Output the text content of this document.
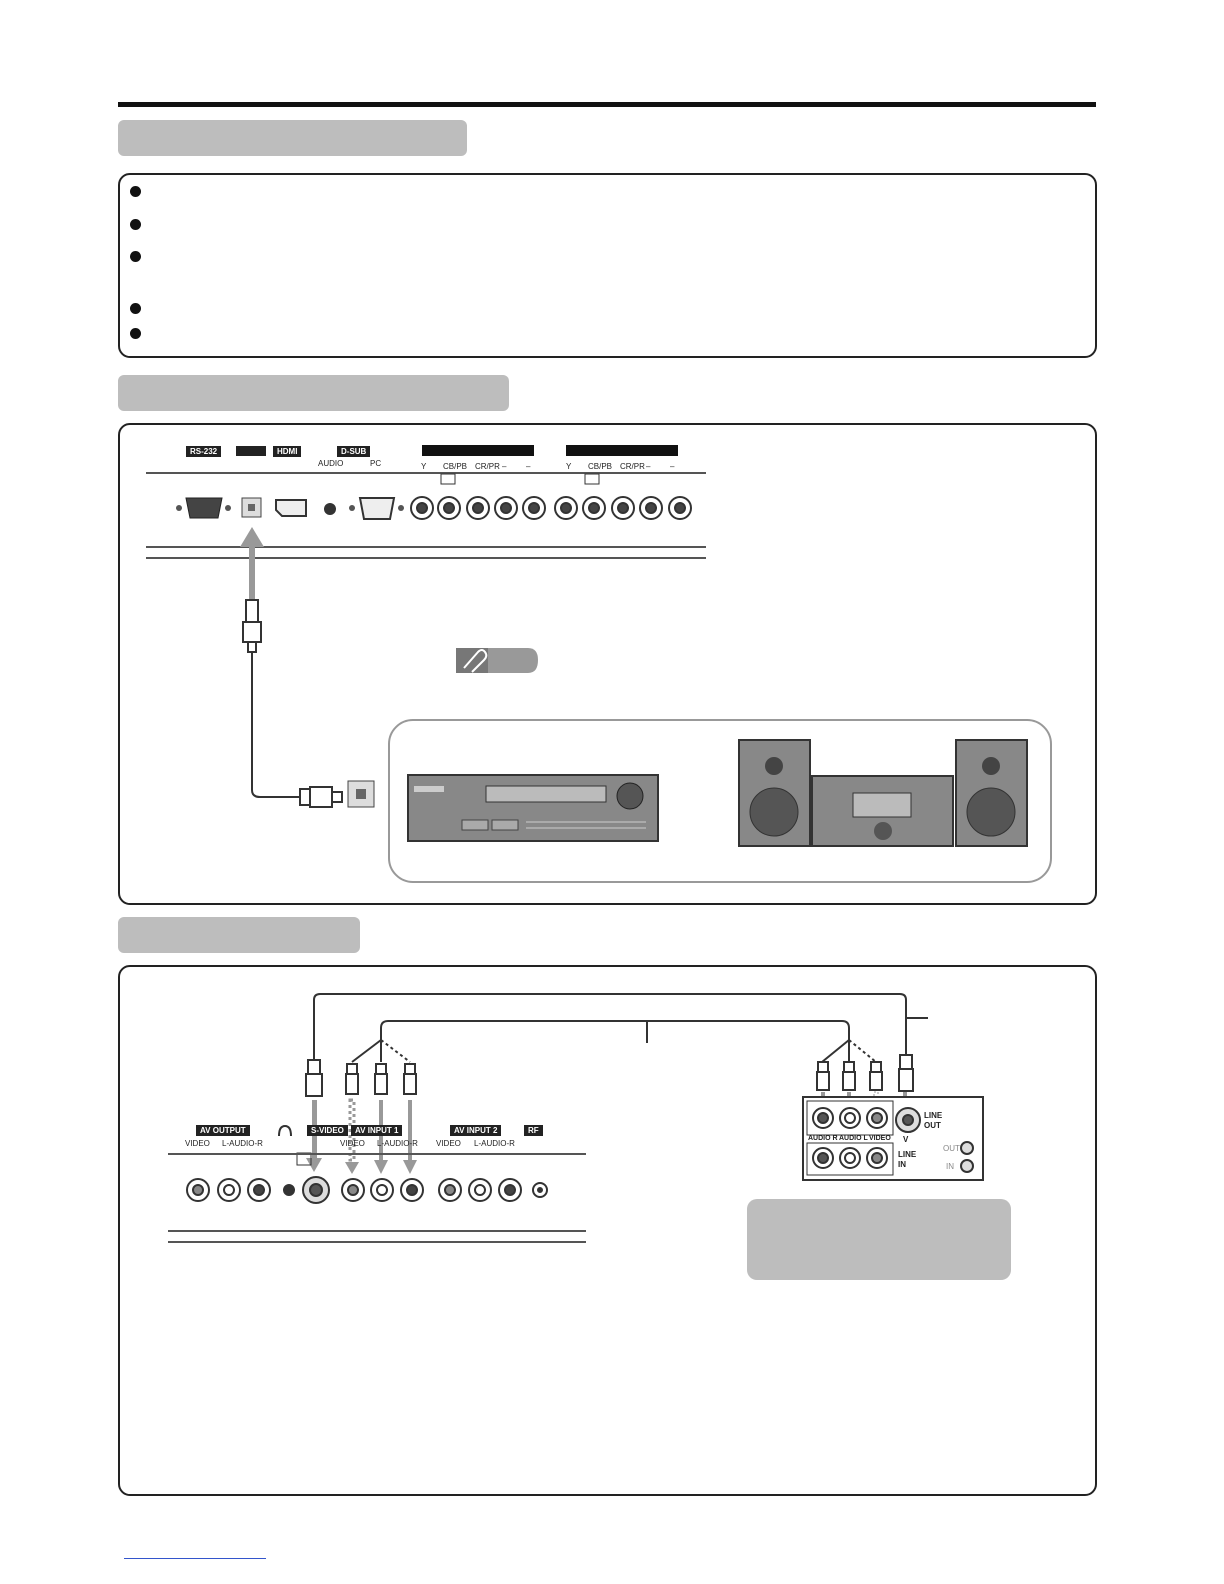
RS-232	HDMI	D-SUB
AUDIO	PC	Y CB/PB CR/PR – –	Y CB/PB CR/PR – –
AV OUTPUT
VIDEO L-AUDIO-R
S-VIDEO	AV INPUT 1
VIDEO L-AUDIO-R
AV INPUT 2
VIDEO L-AUDIO-R
RF
AUDIO R AUDIO L VIDEO
LINE OUT
V
LINE IN
OUT
IN
